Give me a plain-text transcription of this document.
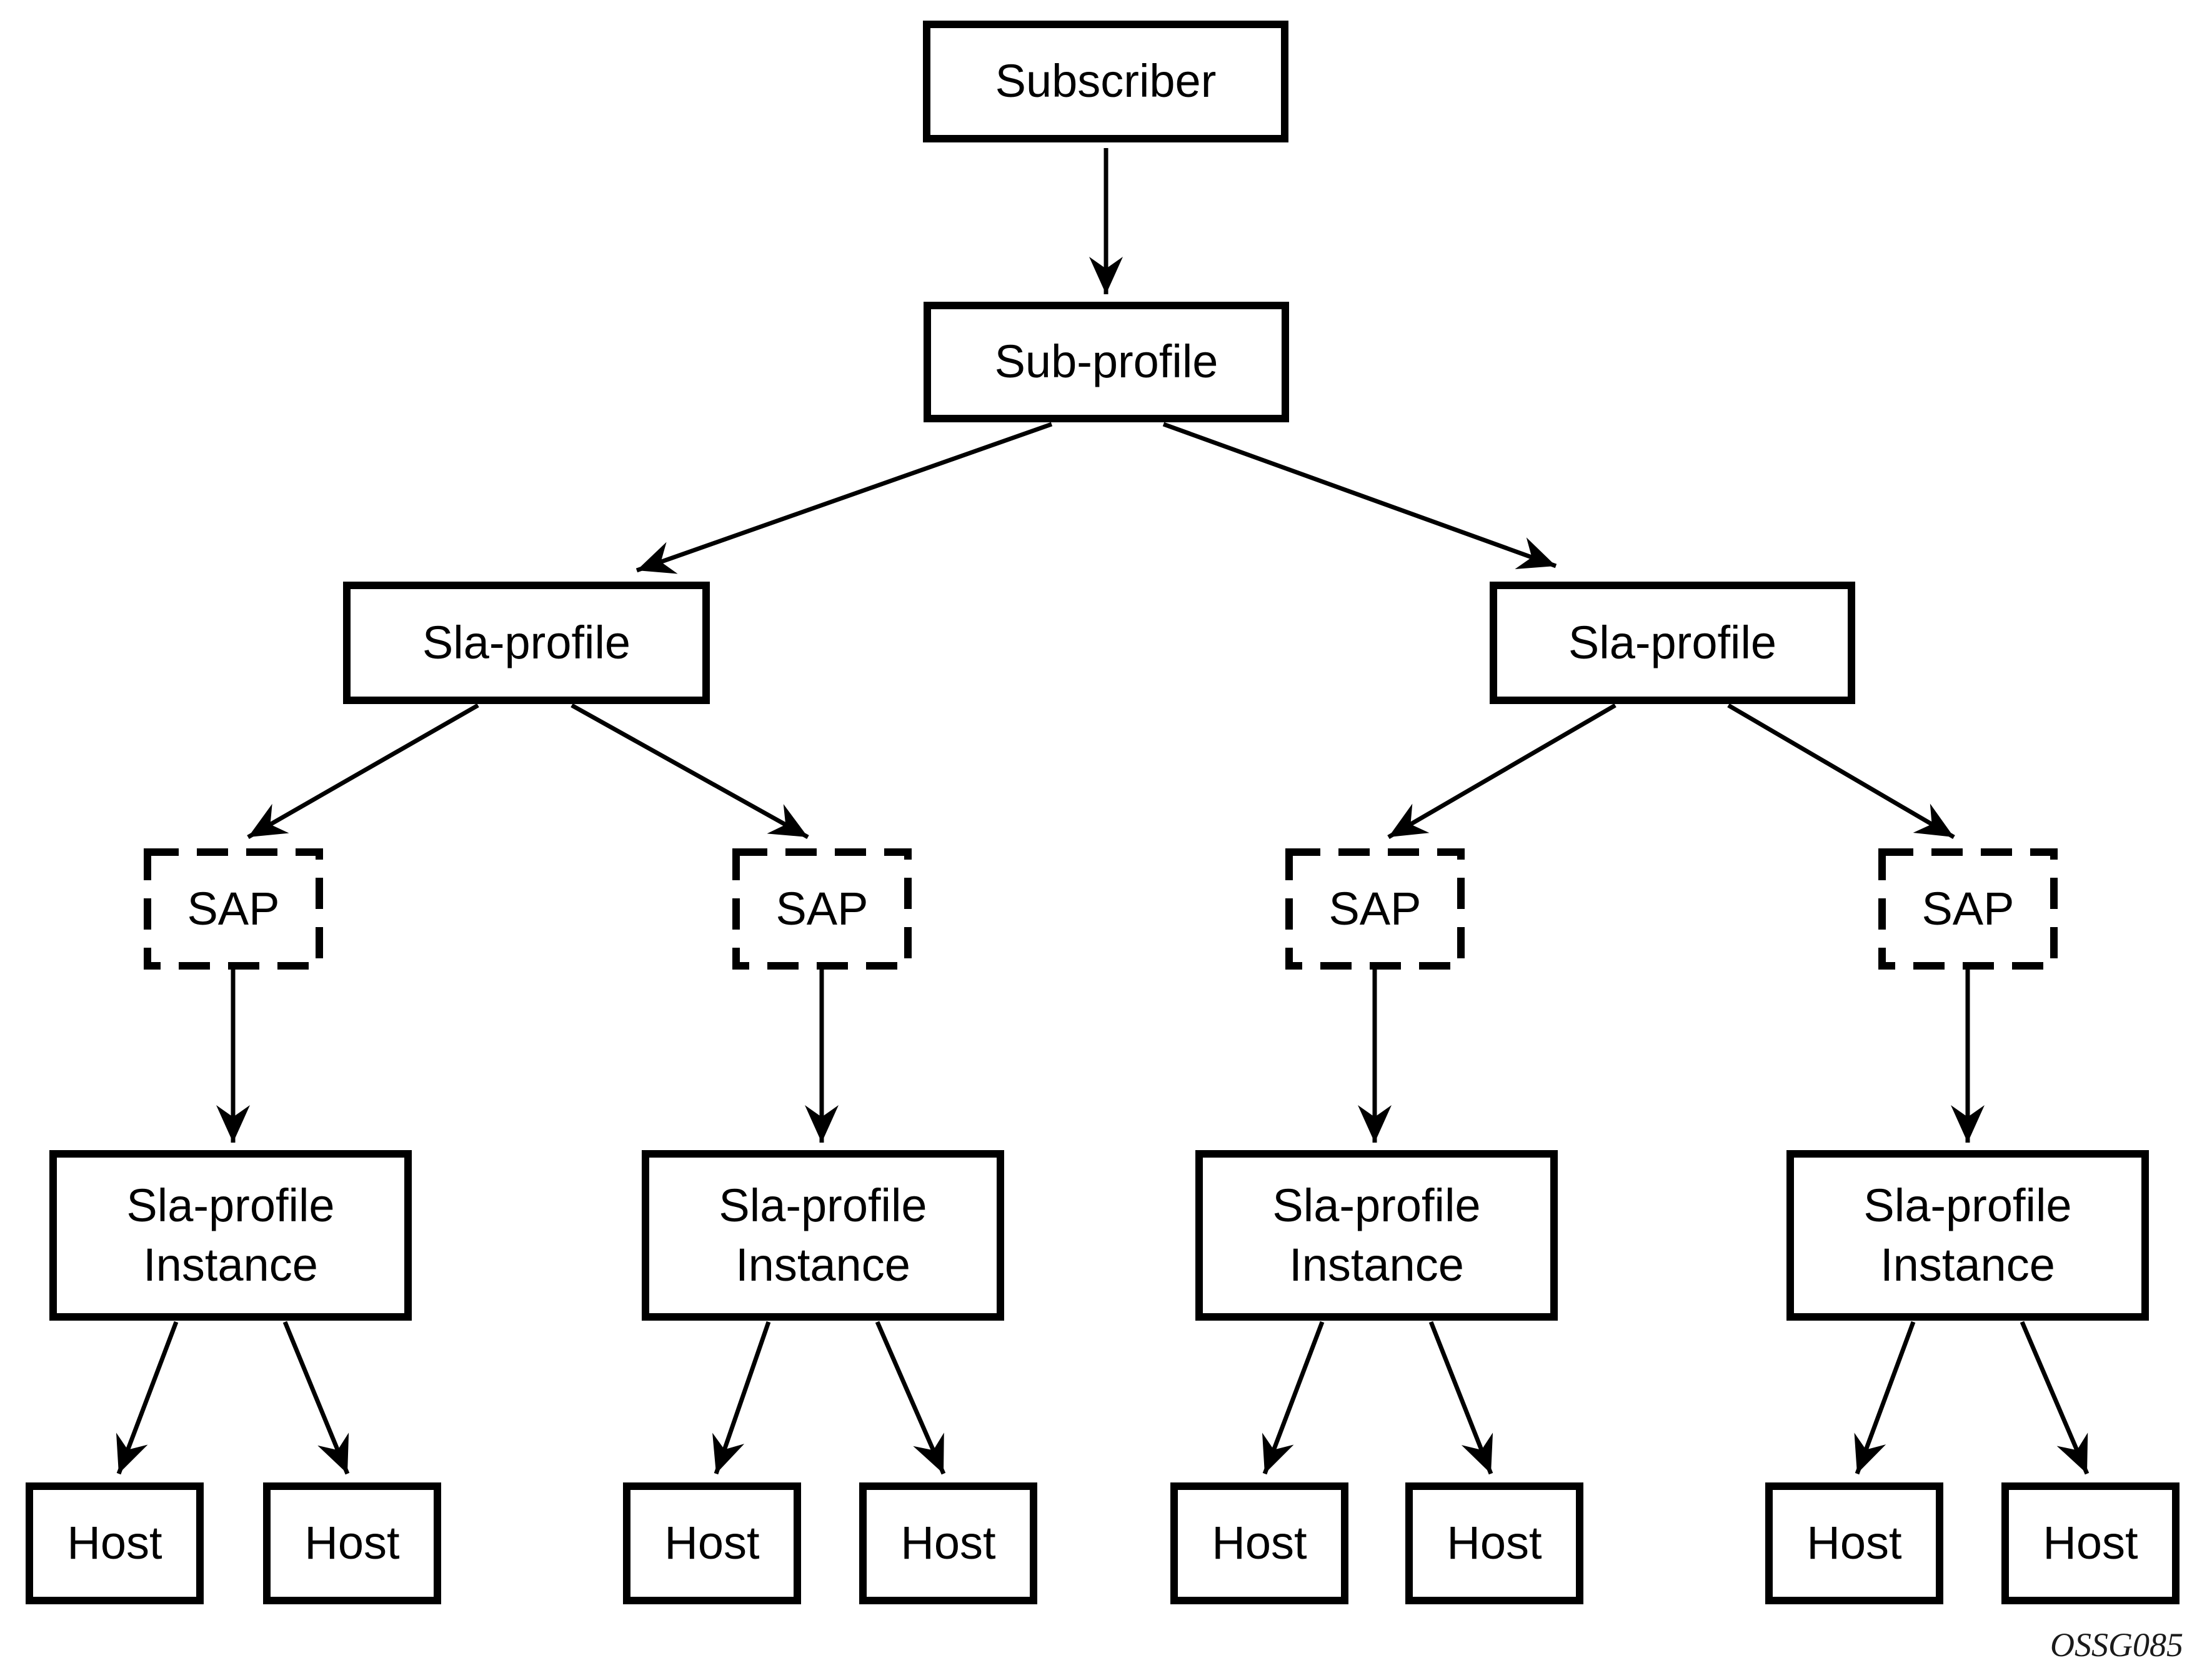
Subscriber
Sub-profile
Sla-profile	Sla-profile
SAP	SAP	SAP	SAP
Sla-profile
Instance
Sla-profile
Instance
Sla-profile
Instance
Sla-profile
Instance
Host	Host	Host	Host	Host	Host	Host	Host
OSSG085
